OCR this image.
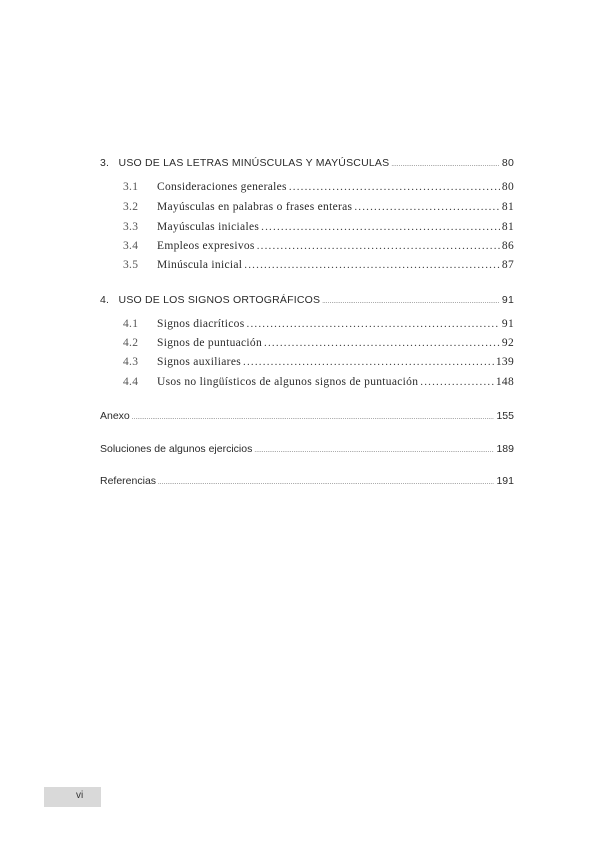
3. USO DE LAS LETRAS MINÚSCULAS Y MAYÚSCULAS .....	80
3.1 Consideraciones generales .....	80
3.2 Mayúsculas en palabras o frases enteras .....	81
3.3 Mayúsculas iniciales .....	81
3.4 Empleos expresivos .....	86
3.5 Minúscula inicial .....	87
4. USO DE LOS SIGNOS ORTOGRÁFICOS .....	91
4.1 Signos diacríticos .....	91
4.2 Signos de puntuación .....	92
4.3 Signos auxiliares .....	139
4.4 Usos no lingüísticos de algunos signos de puntuación .....	148
Anexo .....	155
Soluciones de algunos ejercicios .....	189
Referencias .....	191
vi
